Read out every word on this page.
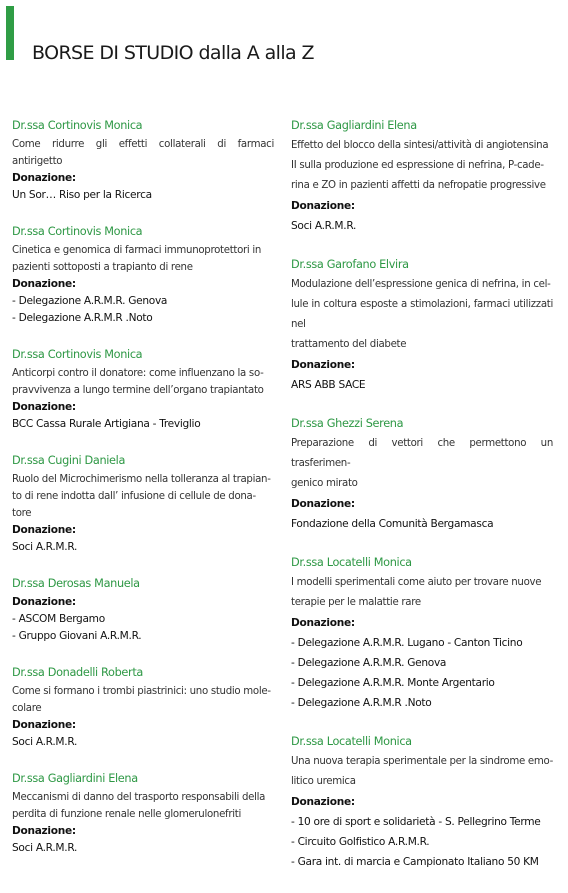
BORSE DI STUDIO dalla A alla Z
Dr.ssa Cortinovis Monica
Come ridurre gli effetti collaterali di farmaci antirigetto
Donazione:
Un Sor… Riso per la Ricerca
Dr.ssa Cortinovis Monica
Cinetica e genomica di farmaci immunoprotettori in
pazienti sottoposti a trapianto di rene
Donazione:
- Delegazione A.R.M.R. Genova
- Delegazione A.R.M.R .Noto
Dr.ssa Cortinovis Monica
Anticorpi contro il donatore: come influenzano la so-
pravvivenza a lungo termine dell’organo trapiantato
Donazione:
BCC Cassa Rurale Artigiana - Treviglio
Dr.ssa Cugini Daniela
Ruolo del Microchimerismo nella tolleranza al trapian-
to di rene indotta dall’ infusione di cellule de dona-
tore
Donazione:
Soci A.R.M.R.
Dr.ssa Derosas Manuela
Donazione:
- ASCOM Bergamo
- Gruppo Giovani A.R.M.R.
Dr.ssa Donadelli Roberta
Come si formano i trombi piastrinici: uno studio mole-
colare
Donazione:
Soci A.R.M.R.
Dr.ssa Gagliardini Elena
Meccanismi di danno del trasporto responsabili della
perdita di funzione renale nelle glomerulonefriti
Donazione:
Soci A.R.M.R.
Dr.ssa Gagliardini Elena
Effetto del blocco della sintesi/attività di angiotensina
II sulla produzione ed espressione di nefrina, P-cade-
rina e ZO in pazienti affetti da nefropatie progressive
Donazione:
Soci A.R.M.R.
Dr.ssa Garofano Elvira
Modulazione dell’espressione genica di nefrina, in cel-
lule in coltura esposte a stimolazioni, farmaci utilizzati nel
trattamento del diabete
Donazione:
ARS ABB SACE
Dr.ssa Ghezzi Serena
Preparazione di vettori che permettono un trasferimen-
genico mirato
Donazione:
Fondazione della Comunità Bergamasca
Dr.ssa Locatelli Monica
I modelli sperimentali come aiuto per trovare nuove
terapie per le malattie rare
Donazione:
- Delegazione A.R.M.R. Lugano - Canton Ticino
- Delegazione A.R.M.R. Genova
- Delegazione A.R.M.R. Monte Argentario
- Delegazione A.R.M.R .Noto
Dr.ssa Locatelli Monica
Una nuova terapia sperimentale per la sindrome emo-
litico uremica
Donazione:
- 10 ore di sport e solidarietà - S. Pellegrino Terme
- Circuito Golfistico A.R.M.R.
- Gara int. di marcia e Campionato Italiano 50 KM
